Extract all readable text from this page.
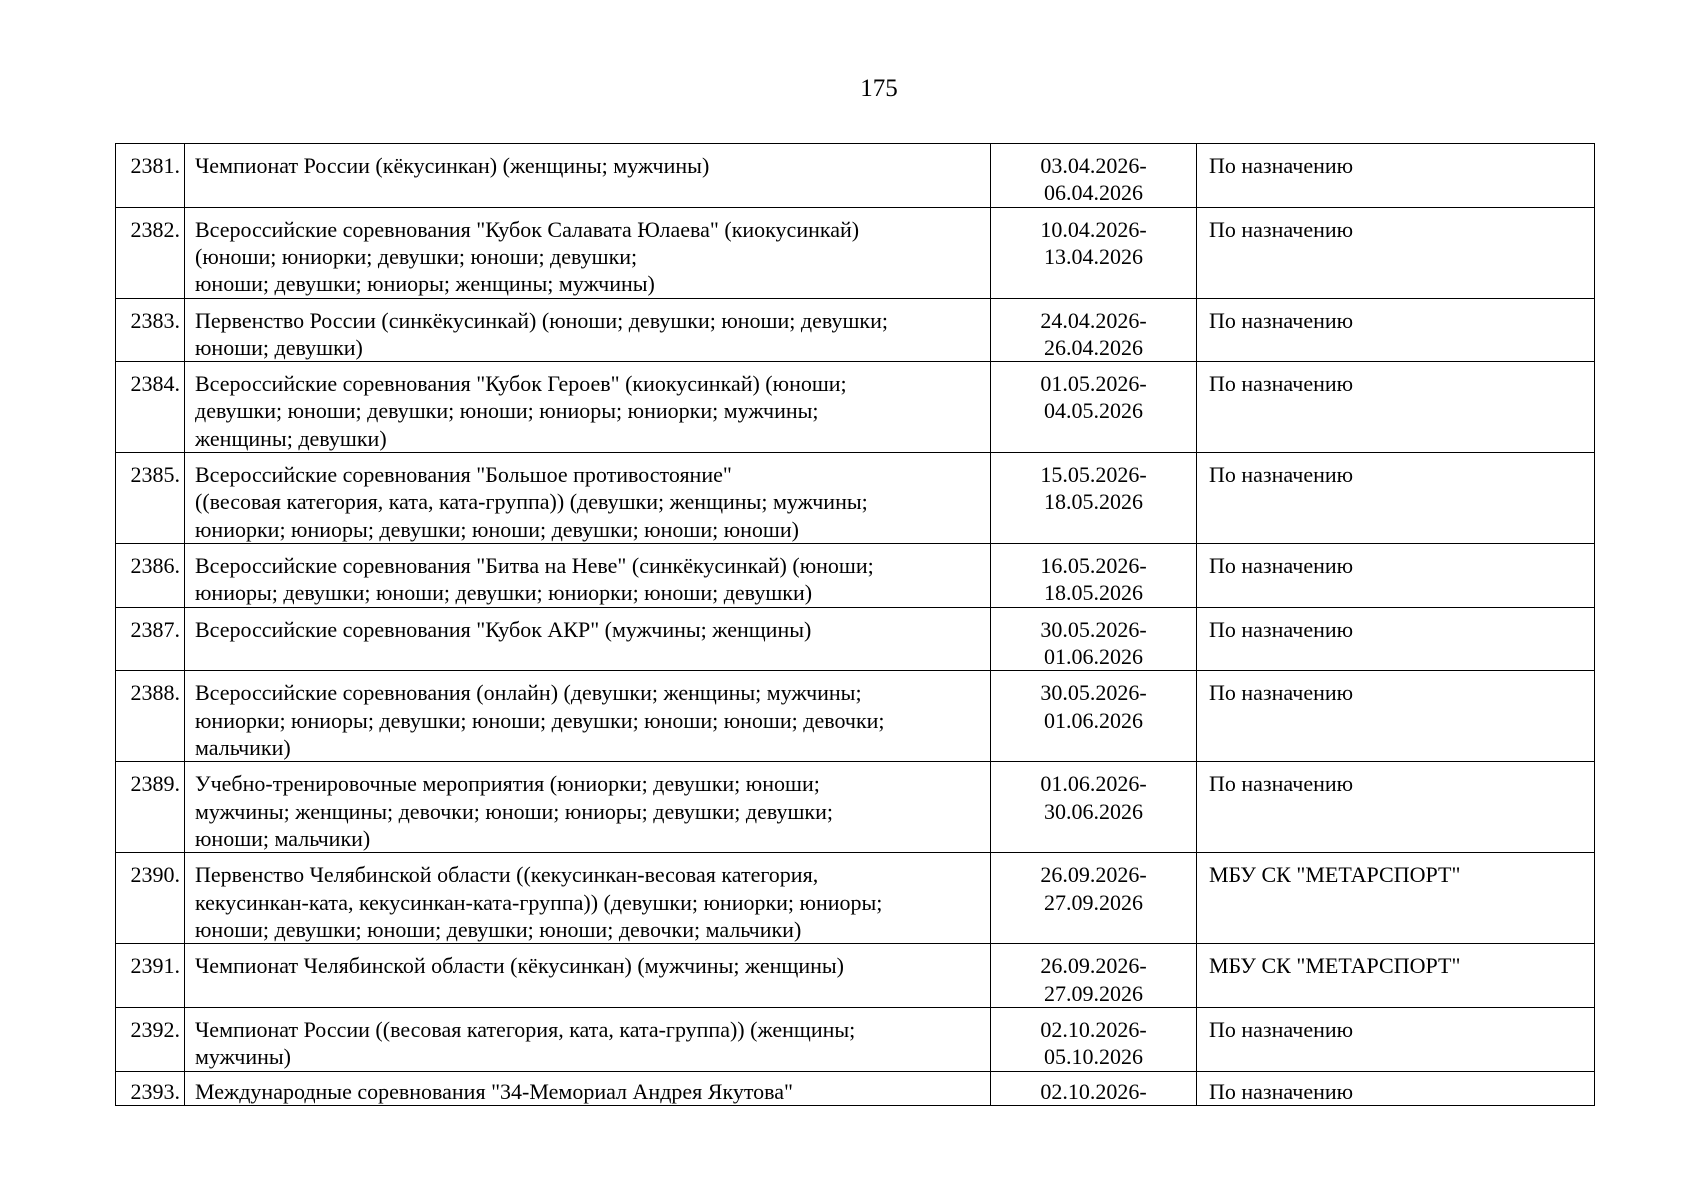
175
2381.	Чемпионат России (кёкусинкан) (женщины; мужчины)	03.04.2026-
06.04.2026	По назначению
2382.	Всероссийские соревнования "Кубок Салавата Юлаева" (киокусинкай)
(юноши; юниорки; девушки; юноши; девушки;
юноши; девушки; юниоры; женщины; мужчины)	10.04.2026-
13.04.2026	По назначению
2383.	Первенство России (синкёкусинкай) (юноши; девушки; юноши; девушки;
юноши; девушки)	24.04.2026-
26.04.2026	По назначению
2384.	Всероссийские соревнования "Кубок Героев" (киокусинкай) (юноши;
девушки; юноши; девушки; юноши; юниоры; юниорки; мужчины;
женщины; девушки)	01.05.2026-
04.05.2026	По назначению
2385.	Всероссийские соревнования "Большое противостояние"
((весовая категория, ката, ката-группа)) (девушки; женщины; мужчины;
юниорки; юниоры; девушки; юноши; девушки; юноши; юноши)	15.05.2026-
18.05.2026	По назначению
2386.	Всероссийские соревнования "Битва на Неве" (синкёкусинкай) (юноши;
юниоры; девушки; юноши; девушки; юниорки; юноши; девушки)	16.05.2026-
18.05.2026	По назначению
2387.	Всероссийские соревнования "Кубок АКР" (мужчины; женщины)	30.05.2026-
01.06.2026	По назначению
2388.	Всероссийские соревнования (онлайн) (девушки; женщины; мужчины;
юниорки; юниоры; девушки; юноши; девушки; юноши; юноши; девочки;
мальчики)	30.05.2026-
01.06.2026	По назначению
2389.	Учебно-тренировочные мероприятия (юниорки; девушки; юноши;
мужчины; женщины; девочки; юноши; юниоры; девушки; девушки;
юноши; мальчики)	01.06.2026-
30.06.2026	По назначению
2390.	Первенство Челябинской области ((кекусинкан-весовая категория,
кекусинкан-ката, кекусинкан-ката-группа)) (девушки; юниорки; юниоры;
юноши; девушки; юноши; девушки; юноши; девочки; мальчики)	26.09.2026-
27.09.2026	МБУ СК "МЕТАРСПОРТ"
2391.	Чемпионат Челябинской области (кёкусинкан) (мужчины; женщины)	26.09.2026-
27.09.2026	МБУ СК "МЕТАРСПОРТ"
2392.	Чемпионат России ((весовая категория, ката, ката-группа)) (женщины;
мужчины)	02.10.2026-
05.10.2026	По назначению
2393.	Международные соревнования "34-Мемориал Андрея Якутова"	02.10.2026-	По назначению
